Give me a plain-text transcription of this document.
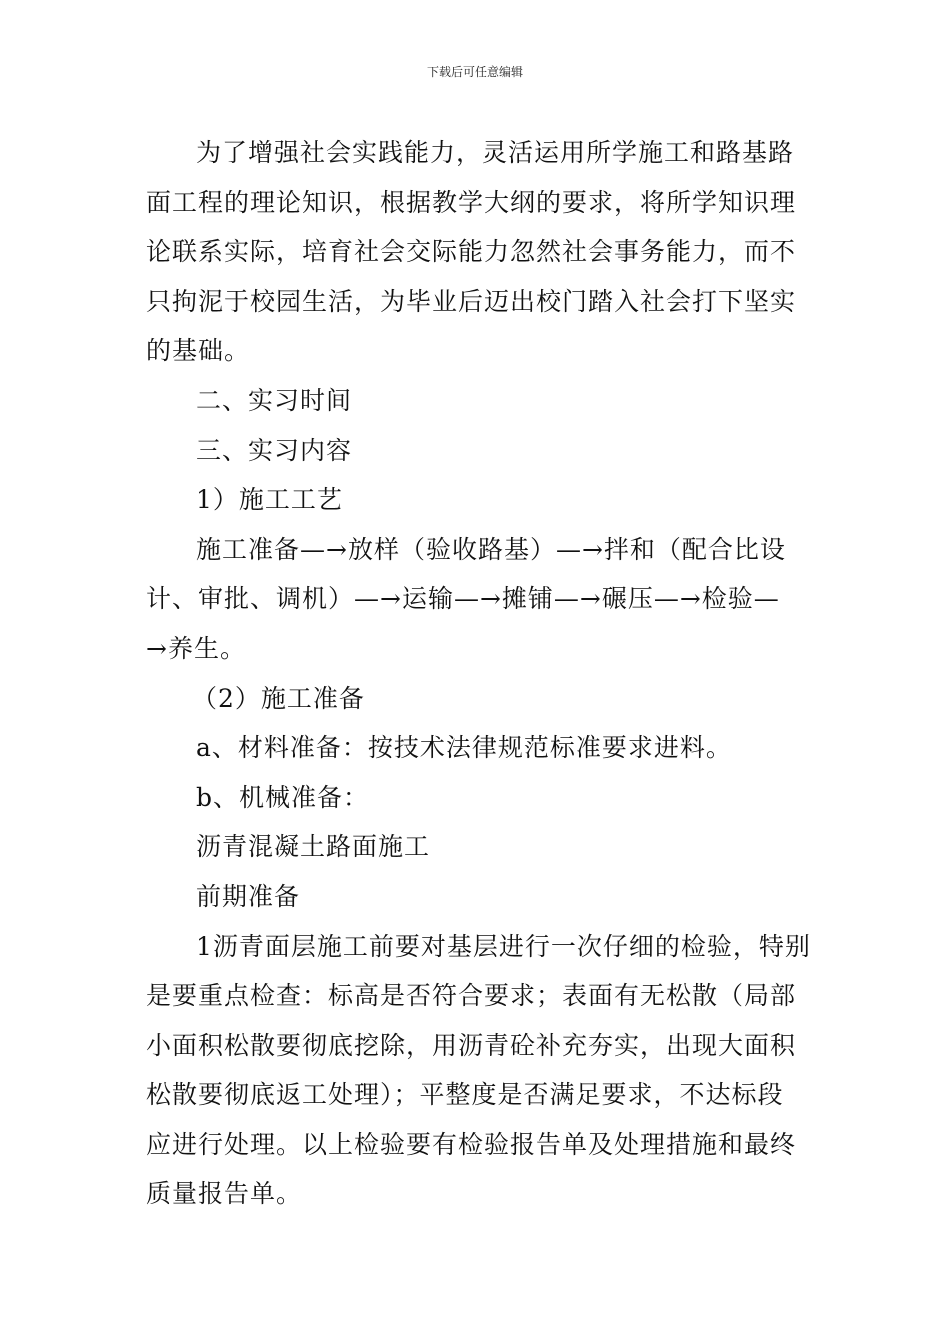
下载后可任意编辑

为了增强社会实践能力，灵活运用所学施工和路基路

面工程的理论知识，根据教学大纲的要求，将所学知识理

论联系实际，培育社会交际能力忽然社会事务能力，而不

只拘泥于校园生活，为毕业后迈出校门踏入社会打下坚实

的基础。

二、实习时间

三、实习内容

1）施工工艺

施工准备—→放样（验收路基）—→拌和（配合比设

计、审批、调机）—→运输—→摊铺—→碾压—→检验—

→养生。

（2）施工准备

a、材料准备：按技术法律规范标准要求进料。

b、机械准备：

沥青混凝土路面施工

前期准备

1沥青面层施工前要对基层进行一次仔细的检验，特别

是要重点检查：标高是否符合要求；表面有无松散（局部

小面积松散要彻底挖除，用沥青砼补充夯实，出现大面积

松散要彻底返工处理）；平整度是否满足要求，不达标段

应进行处理。以上检验要有检验报告单及处理措施和最终

质量报告单。
